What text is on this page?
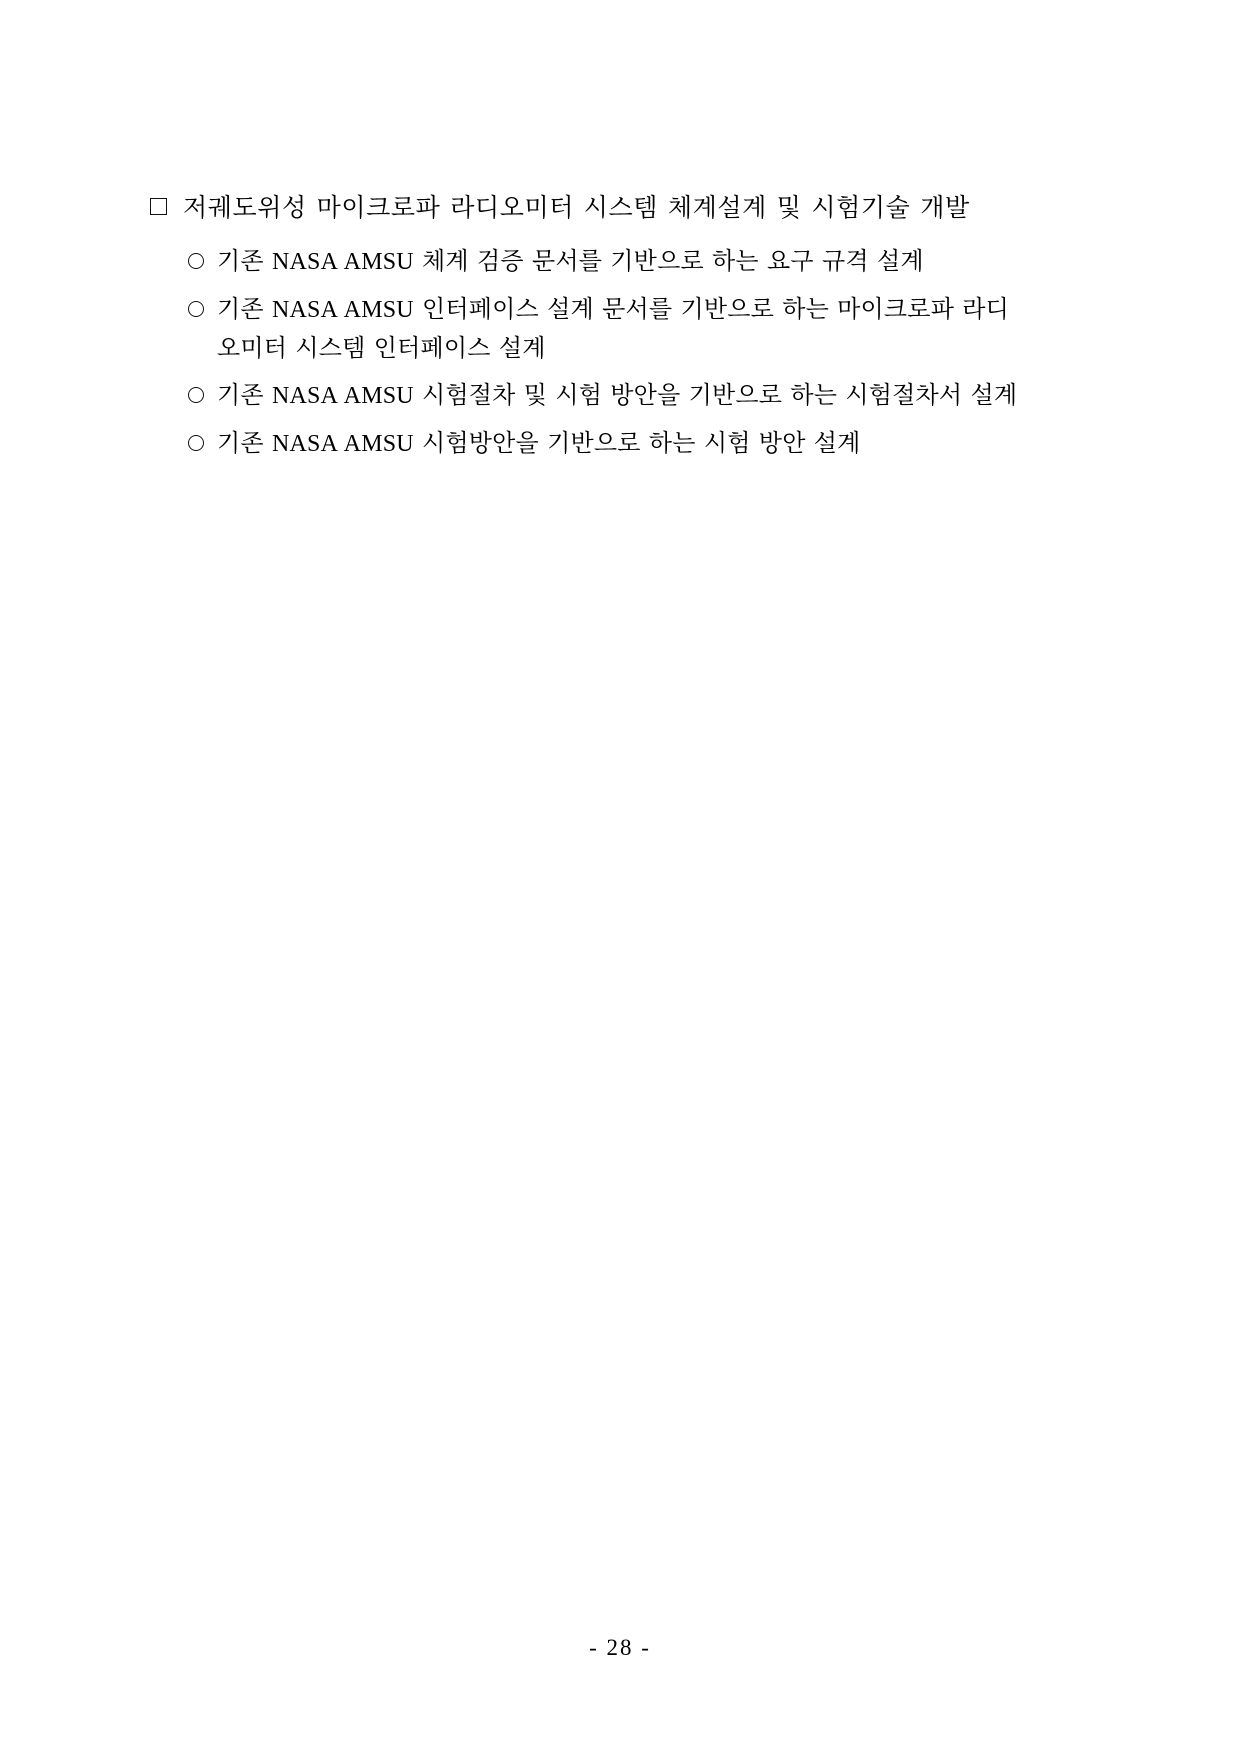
저궤도위성 마이크로파 라디오미터 시스템 체계설계 및 시험기술 개발
기존 NASA AMSU 체계 검증 문서를 기반으로 하는 요구 규격 설계
기존 NASA AMSU 인터페이스 설계 문서를 기반으로 하는 마이크로파 라디오미터 시스템 인터페이스 설계
기존 NASA AMSU 시험절차 및 시험 방안을 기반으로 하는 시험절차서 설계
기존 NASA AMSU 시험방안을 기반으로 하는 시험 방안 설계
- 28 -
